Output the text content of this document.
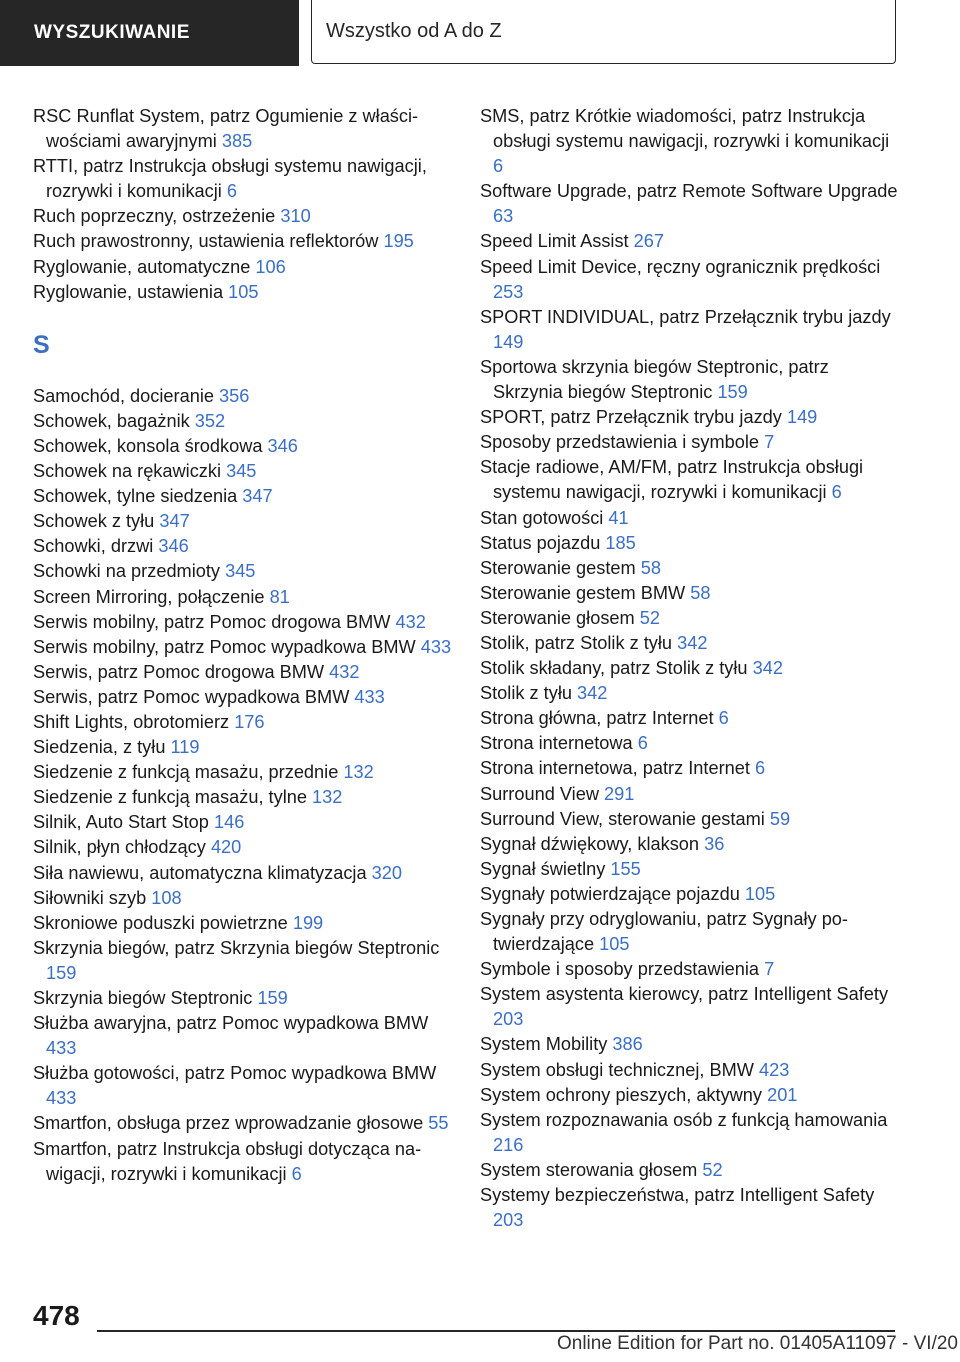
WYSZUKIWANIE	Wszystko od A do Z
RSC Runflat System, patrz Ogumienie z właściwościami awaryjnymi 385
RTTI, patrz Instrukcja obsługi systemu nawigacji, rozrywki i komunikacji 6
Ruch poprzeczny, ostrzeżenie 310
Ruch prawostronny, ustawienia reflektorów 195
Ryglowanie, automatyczne 106
Ryglowanie, ustawienia 105
S
Samochód, docieranie 356
Schowek, bagażnik 352
Schowek, konsola środkowa 346
Schowek na rękawiczki 345
Schowek, tylne siedzenia 347
Schowek z tyłu 347
Schowki, drzwi 346
Schowki na przedmioty 345
Screen Mirroring, połączenie 81
Serwis mobilny, patrz Pomoc drogowa BMW 432
Serwis mobilny, patrz Pomoc wypadkowa BMW 433
Serwis, patrz Pomoc drogowa BMW 432
Serwis, patrz Pomoc wypadkowa BMW 433
Shift Lights, obrotomierz 176
Siedzenia, z tyłu 119
Siedzenie z funkcją masażu, przednie 132
Siedzenie z funkcją masażu, tylne 132
Silnik, Auto Start Stop 146
Silnik, płyn chłodzący 420
Siła nawiewu, automatyczna klimatyzacja 320
Siłowniki szyb 108
Skroniowe poduszki powietrzne 199
Skrzynia biegów, patrz Skrzynia biegów Steptronic 159
Skrzynia biegów Steptronic 159
Służba awaryjna, patrz Pomoc wypadkowa BMW 433
Służba gotowości, patrz Pomoc wypadkowa BMW 433
Smartfon, obsługa przez wprowadzanie głosowe 55
Smartfon, patrz Instrukcja obsługi dotycząca nawigacji, rozrywki i komunikacji 6
SMS, patrz Krótkie wiadomości, patrz Instrukcja obsługi systemu nawigacji, rozrywki i komunikacji 6
Software Upgrade, patrz Remote Software Upgrade 63
Speed Limit Assist 267
Speed Limit Device, ręczny ogranicznik prędkości 253
SPORT INDIVIDUAL, patrz Przełącznik trybu jazdy 149
Sportowa skrzynia biegów Steptronic, patrz Skrzynia biegów Steptronic 159
SPORT, patrz Przełącznik trybu jazdy 149
Sposoby przedstawienia i symbole 7
Stacje radiowe, AM/FM, patrz Instrukcja obsługi systemu nawigacji, rozrywki i komunikacji 6
Stan gotowości 41
Status pojazdu 185
Sterowanie gestem 58
Sterowanie gestem BMW 58
Sterowanie głosem 52
Stolik, patrz Stolik z tyłu 342
Stolik składany, patrz Stolik z tyłu 342
Stolik z tyłu 342
Strona główna, patrz Internet 6
Strona internetowa 6
Strona internetowa, patrz Internet 6
Surround View 291
Surround View, sterowanie gestami 59
Sygnał dźwiękowy, klakson 36
Sygnał świetlny 155
Sygnały potwierdzające pojazdu 105
Sygnały przy odryglowaniu, patrz Sygnały potwierdzające 105
Symbole i sposoby przedstawienia 7
System asystenta kierowcy, patrz Intelligent Safety 203
System Mobility 386
System obsługi technicznej, BMW 423
System ochrony pieszych, aktywny 201
System rozpoznawania osób z funkcją hamowania 216
System sterowania głosem 52
Systemy bezpieczeństwa, patrz Intelligent Safety 203
478
Online Edition for Part no. 01405A11097 - VI/20
